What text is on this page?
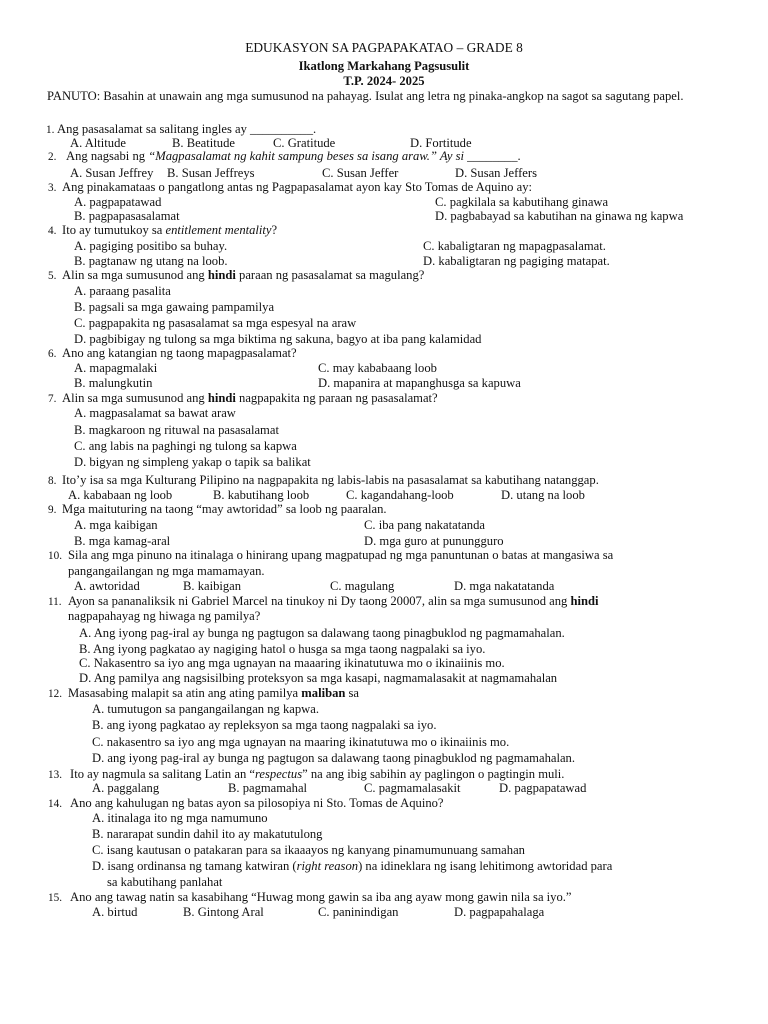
EDUKASYON SA PAGPAPAKATAO – GRADE 8
Ikatlong Markahang Pagsusulit
T.P. 2024- 2025
PANUTO: Basahin at unawain ang mga sumusunod na pahayag. Isulat ang letra ng pinaka-angkop na sagot sa sagutang papel.
1. Ang pasasalamat sa salitang ingles ay __________.
A. Altitude	B. Beatitude	C. Gratitude	D. Fortitude
2. Ang nagsabi ng “Magpasalamat ng kahit sampung beses sa isang araw.” Ay si ________.
A. Susan Jeffrey B. Susan Jeffreys	C. Susan Jeffer	D. Susan Jeffers
3. Ang pinakamataas o pangatlong antas ng Pagpapasalamat ayon kay Sto Tomas de Aquino ay:
A. pagpapatawad
B. pagpapasasalamat
C. pagkilala sa kabutihang ginawa
D. pagbabayad sa kabutihan na ginawa ng kapwa
4. Ito ay tumutukoy sa entitlement mentality?
A. pagiging positibo sa buhay.
B. pagtanaw ng utang na loob.
C. kabaligtaran ng mapagpasalamat.
D. kabaligtaran ng pagiging matapat.
5. Alin sa mga sumusunod ang hindi paraan ng pasasalamat sa magulang?
A. paraang pasalita
B. pagsali sa mga gawaing pampamilya
C. pagpapakita ng pasasalamat sa mga espesyal na araw
D. pagbibigay ng tulong sa mga biktima ng sakuna, bagyo at iba pang kalamidad
6. Ano ang katangian ng taong mapagpasalamat?
A. mapagmalaki
B. malungkutin
C. may kababaang loob
D. mapanira at mapanghusga sa kapuwa
7. Alin sa mga sumusunod ang hindi nagpapakita ng paraan ng pasasalamat?
A. magpasalamat sa bawat araw
B. magkaroon ng rituwal na pasasalamat
C. ang labis na paghingi ng tulong sa kapwa
D. bigyan ng simpleng yakap o tapik sa balikat
8. Ito’y isa sa mga Kulturang Pilipino na nagpapakita ng labis-labis na pasasalamat sa kabutihang natanggap.
A. kababaan ng loob	B. kabutihang loob	C. kagandahang-loob	D. utang na loob
9. Mga maituturing na taong “may awtoridad” sa loob ng paaralan.
A. mga kaibigan
B. mga kamag-aral
C. iba pang nakatatanda
D. mga guro at punungguro
10. Sila ang mga pinuno na itinalaga o hinirang upang magpatupad ng mga panuntunan o batas at mangasiwa sa
pangangailangan ng mga mamamayan.
A. awtoridad	B. kaibigan	C. magulang	D. mga nakatatanda
11. Ayon sa pananaliksik ni Gabriel Marcel na tinukoy ni Dy taong 20007, alin sa mga sumusunod ang hindi
nagpapahayag ng hiwaga ng pamilya?
A. Ang iyong pag-iral ay bunga ng pagtugon sa dalawang taong pinagbuklod ng pagmamahalan.
B. Ang iyong pagkatao ay nagiging hatol o husga sa mga taong nagpalaki sa iyo.
C. Nakasentro sa iyo ang mga ugnayan na maaaring ikinatutuwa mo o ikinaiinis mo.
D. Ang pamilya ang nagsisilbing proteksyon sa mga kasapi, nagmamalasakit at nagmamahalan
12. Masasabing malapit sa atin ang ating pamilya maliban sa
A. tumutugon sa pangangailangan ng kapwa.
B. ang iyong pagkatao ay repleksyon sa mga taong nagpalaki sa iyo.
C. nakasentro sa iyo ang mga ugnayan na maaring ikinatutuwa mo o ikinaiinis mo.
D. ang iyong pag-iral ay bunga ng pagtugon sa dalawang taong pinagbuklod ng pagmamahalan.
13. Ito ay nagmula sa salitang Latin an “respectus” na ang ibig sabihin ay paglingon o pagtingin muli.
A. paggalang	B. pagmamahal	C. pagmamalasakit	D. pagpapatawad
14. Ano ang kahulugan ng batas ayon sa pilosopiya ni Sto. Tomas de Aquino?
A. itinalaga ito ng mga namumuno
B. nararapat sundin dahil ito ay makatutulong
C. isang kautusan o patakaran para sa ikaaayos ng kanyang pinamumunuang samahan
D. isang ordinansa ng tamang katwiran (right reason) na idineklara ng isang lehitimong awtoridad para
sa kabutihang panlahat
15. Ano ang tawag natin sa kasabihang “Huwag mong gawin sa iba ang ayaw mong gawin nila sa iyo.”
A. birtud	B. Gintong Aral	C. paninindigan	D. pagpapahalaga
